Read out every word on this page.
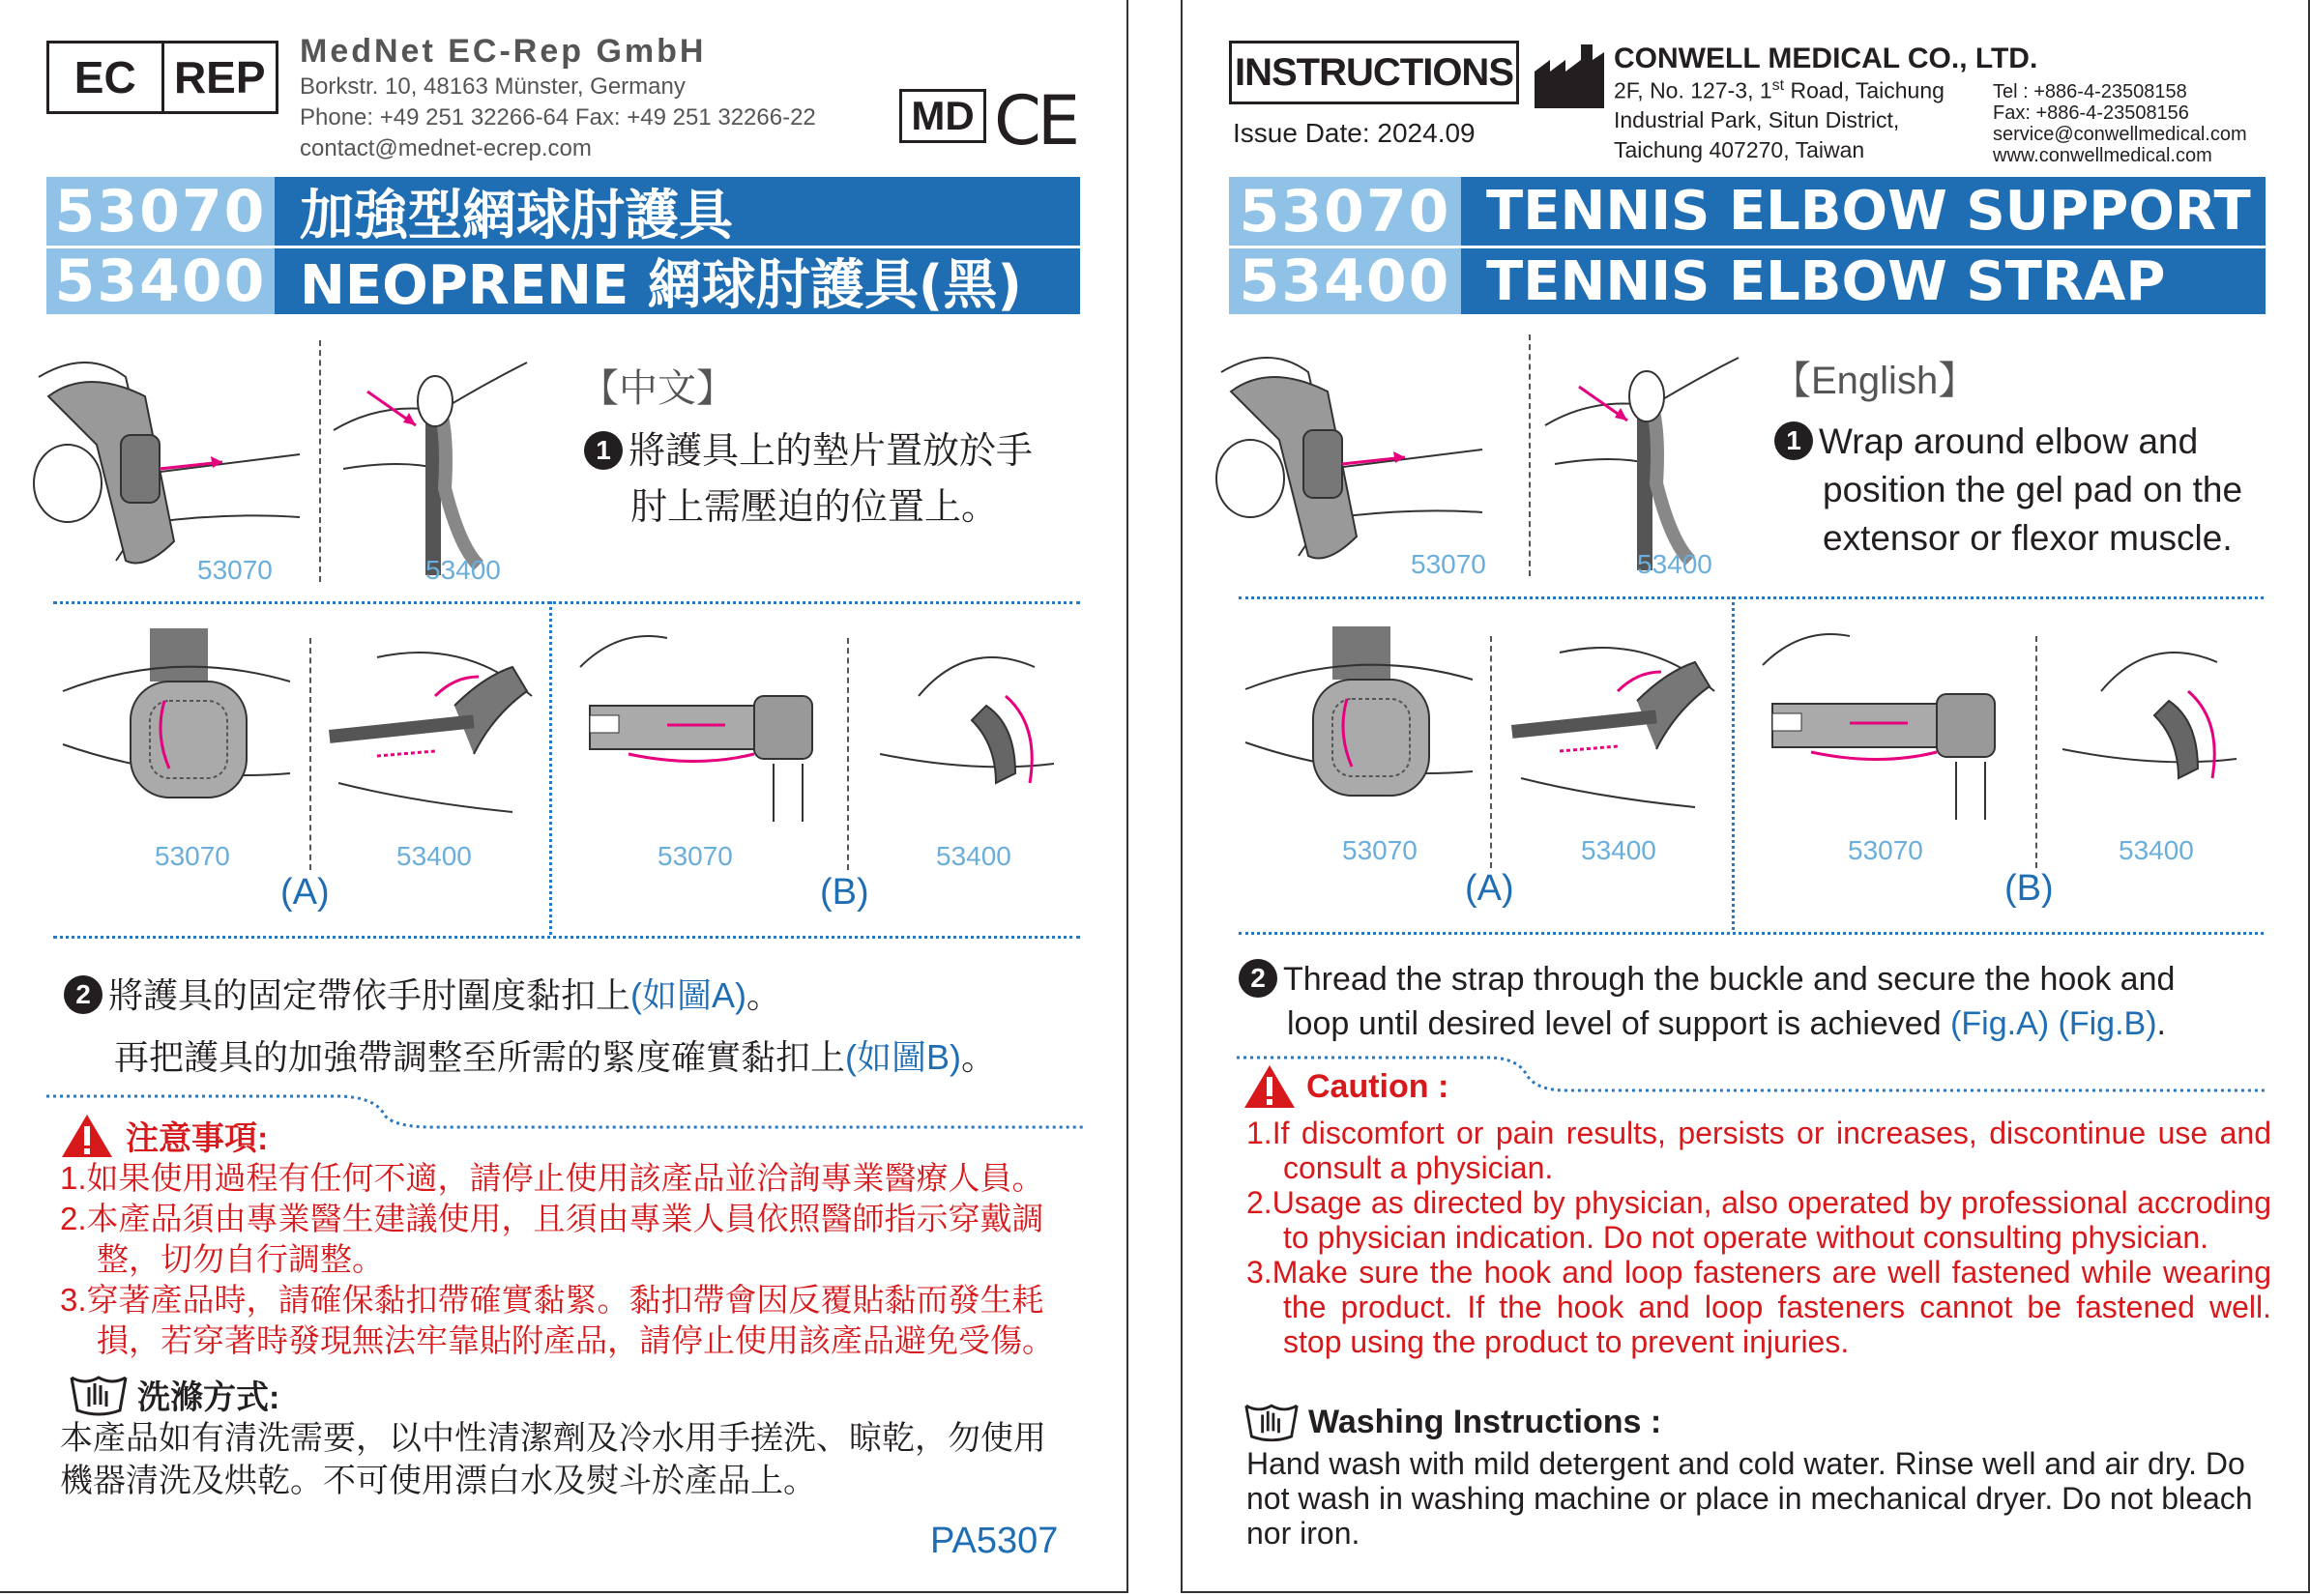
EC REP
MedNet EC-Rep GmbH
Borkstr. 10, 48163 Münster, Germany
Phone: +49 251 32266-64 Fax: +49 251 32266-22
contact@mednet-ecrep.com
MD CE
53070 加強型網球肘護具
53400 NEOPRENE 網球肘護具(黑)
53070	53400
【中文】
1 將護具上的墊片置放於手
肘上需壓迫的位置上。
53070	53400
(A)
53070	53400
(B)
2 將護具的固定帶依手肘圍度黏扣上(如圖A)。
再把護具的加強帶調整至所需的緊度確實黏扣上(如圖B)。
注意事項:
1.如果使用過程有任何不適，請停止使用該產品並洽詢專業醫療人員。
2.本產品須由專業醫生建議使用，且須由專業人員依照醫師指示穿戴調整，切勿自行調整。
3.穿著產品時，請確保黏扣帶確實黏緊。黏扣帶會因反覆貼黏而發生耗損，若穿著時發現無法牢靠貼附產品，請停止使用該產品避免受傷。
洗滌方式:
本產品如有清洗需要，以中性清潔劑及冷水用手搓洗、晾乾，勿使用機器清洗及烘乾。不可使用漂白水及熨斗於產品上。
PA5307
INSTRUCTIONS
Issue Date: 2024.09
CONWELL MEDICAL CO., LTD.
2F, No. 127-3, 1st Road, Taichung
Industrial Park, Situn District,
Taichung 407270, Taiwan
Tel : +886-4-23508158
Fax: +886-4-23508156
service@conwellmedical.com
www.conwellmedical.com
53070 TENNIS ELBOW SUPPORT
53400 TENNIS ELBOW STRAP
53070	53400
【English】
1 Wrap around elbow and
position the gel pad on the
extensor or flexor muscle.
53070	53400
(A)
53070	53400
(B)
2 Thread the strap through the buckle and secure the hook and
loop until desired level of support is achieved (Fig.A) (Fig.B).
Caution :
1.If discomfort or pain results, persists or increases, discontinue use and consult a physician.
2.Usage as directed by physician, also operated by professional accroding to physician indication. Do not operate without consulting physician.
3.Make sure the hook and loop fasteners are well fastened while wearing the product. If the hook and loop fasteners cannot be fastened well. stop using the product to prevent injuries.
Washing Instructions :
Hand wash with mild detergent and cold water. Rinse well and air dry. Do not wash in washing machine or place in mechanical dryer. Do not bleach nor iron.
